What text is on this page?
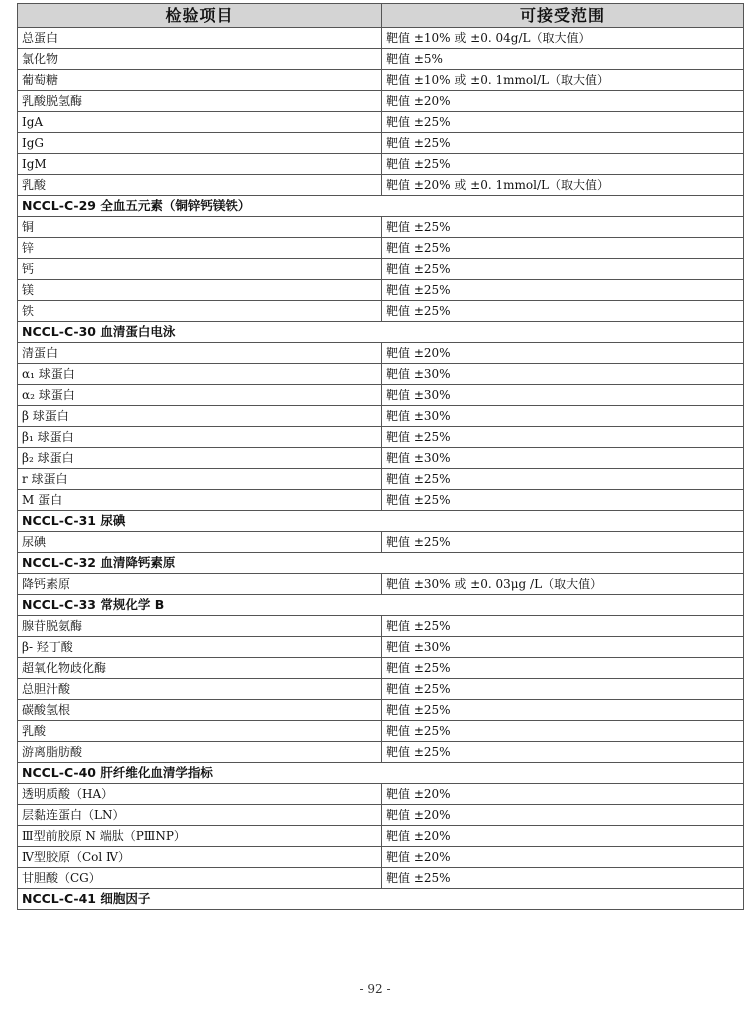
检验项目	可接受范围
总蛋白	靶值 ±10% 或 ±0. 04g/L（取大值）
氯化物	靶值 ±5%
葡萄糖	靶值 ±10% 或 ±0. 1mmol/L（取大值）
乳酸脱氢酶	靶值 ±20%
IgA	靶值 ±25%
IgG	靶值 ±25%
IgM	靶值 ±25%
乳酸	靶值 ±20% 或 ±0. 1mmol/L（取大值）
NCCL-C-29 全血五元素（铜锌钙镁铁）	
铜	靶值 ±25%
锌	靶值 ±25%
钙	靶值 ±25%
镁	靶值 ±25%
铁	靶值 ±25%
NCCL-C-30 血清蛋白电泳	
清蛋白	靶值 ±20%
α₁ 球蛋白	靶值 ±30%
α₂ 球蛋白	靶值 ±30%
β 球蛋白	靶值 ±30%
β₁ 球蛋白	靶值 ±25%
β₂ 球蛋白	靶值 ±30%
r 球蛋白	靶值 ±25%
M 蛋白	靶值 ±25%
NCCL-C-31 尿碘	
尿碘	靶值 ±25%
NCCL-C-32 血清降钙素原	
降钙素原	靶值 ±30% 或 ±0. 03μg /L（取大值）
NCCL-C-33 常规化学 B	
腺苷脱氨酶	靶值 ±25%
β- 羟丁酸	靶值 ±30%
超氧化物歧化酶	靶值 ±25%
总胆汁酸	靶值 ±25%
碳酸氢根	靶值 ±25%
乳酸	靶值 ±25%
游离脂肪酸	靶值 ±25%
NCCL-C-40 肝纤维化血清学指标	
透明质酸（HA）	靶值 ±20%
层黏连蛋白（LN）	靶值 ±20%
Ⅲ型前胶原 N 端肽（PⅢNP）	靶值 ±20%
Ⅳ型胶原（Col Ⅳ）	靶值 ±20%
甘胆酸（CG）	靶值 ±25%
NCCL-C-41 细胞因子	
- 92 -
